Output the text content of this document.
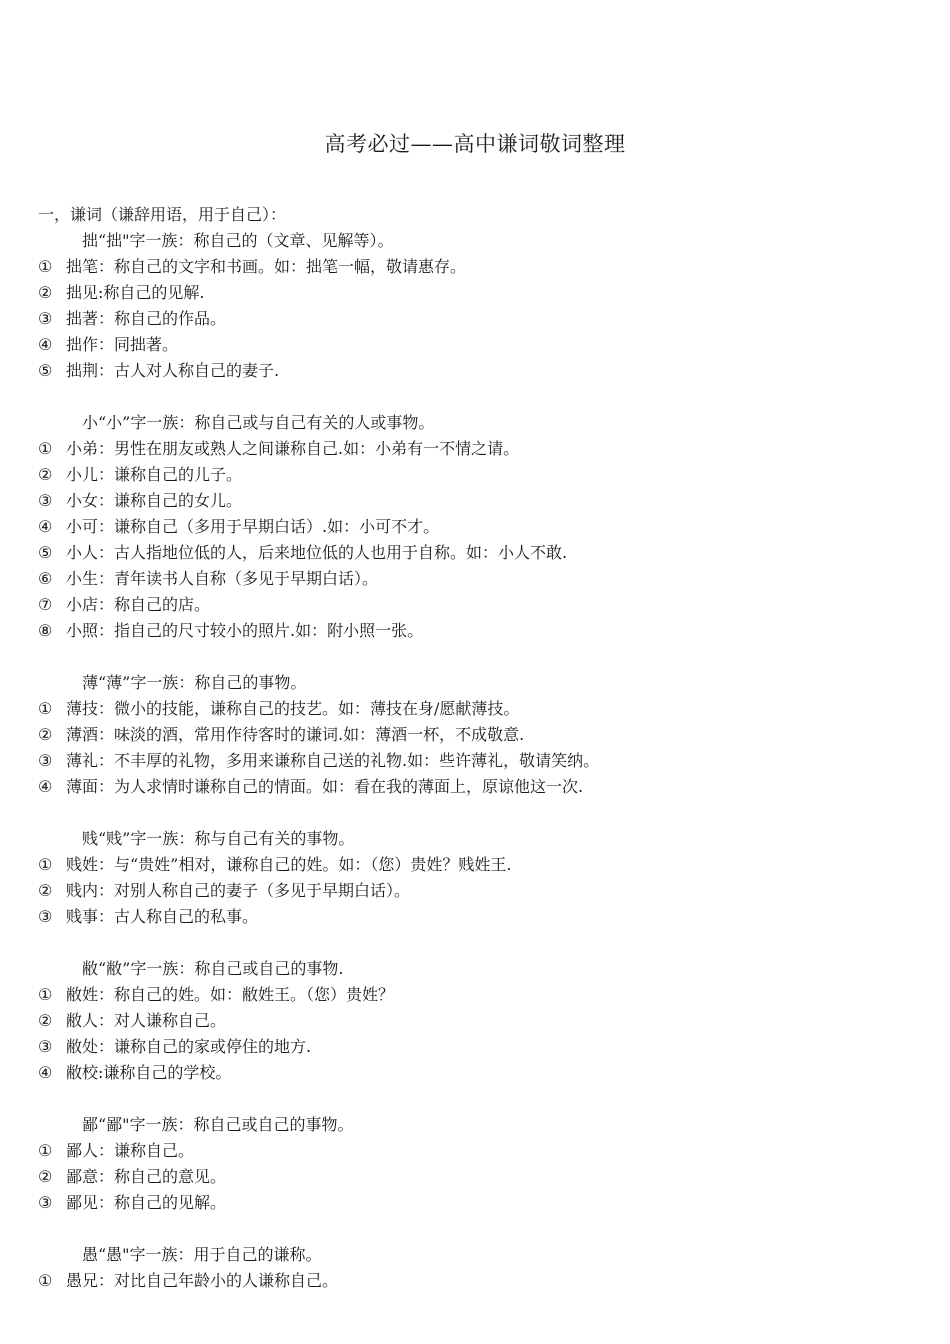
高考必过——高中谦词敬词整理
一，谦词（谦辞用语，用于自己）：
拙“拙"字一族：称自己的（文章、见解等）。
① 拙笔：称自己的文字和书画。如：拙笔一幅，敬请惠存。
② 拙见:称自己的见解.
③ 拙著：称自己的作品。
④ 拙作：同拙著。
⑤ 拙荆：古人对人称自己的妻子.
小“小”字一族：称自己或与自己有关的人或事物。
① 小弟：男性在朋友或熟人之间谦称自己.如：小弟有一不情之请。
② 小儿：谦称自己的儿子。
③ 小女：谦称自己的女儿。
④ 小可：谦称自己（多用于早期白话）.如：小可不才。
⑤ 小人：古人指地位低的人，后来地位低的人也用于自称。如：小人不敢.
⑥ 小生：青年读书人自称（多见于早期白话）。
⑦ 小店：称自己的店。
⑧ 小照：指自己的尺寸较小的照片.如：附小照一张。
薄“薄”字一族：称自己的事物。
① 薄技：微小的技能，谦称自己的技艺。如：薄技在身/愿献薄技。
② 薄酒：味淡的酒，常用作待客时的谦词.如：薄酒一杯，不成敬意.
③ 薄礼：不丰厚的礼物，多用来谦称自己送的礼物.如：些许薄礼，敬请笑纳。
④ 薄面：为人求情时谦称自己的情面。如：看在我的薄面上，原谅他这一次.
贱“贱”字一族：称与自己有关的事物。
① 贱姓：与“贵姓”相对，谦称自己的姓。如：（您）贵姓？贱姓王.
② 贱内：对别人称自己的妻子（多见于早期白话）。
③ 贱事：古人称自己的私事。
敝“敝”字一族：称自己或自己的事物.
① 敝姓：称自己的姓。如：敝姓王。（您）贵姓？
② 敝人：对人谦称自己。
③ 敝处：谦称自己的家或停住的地方.
④ 敝校:谦称自己的学校。
鄙“鄙"字一族：称自己或自己的事物。
① 鄙人：谦称自己。
② 鄙意：称自己的意见。
③ 鄙见：称自己的见解。
愚“愚"字一族：用于自己的谦称。
① 愚兄：对比自己年龄小的人谦称自己。
